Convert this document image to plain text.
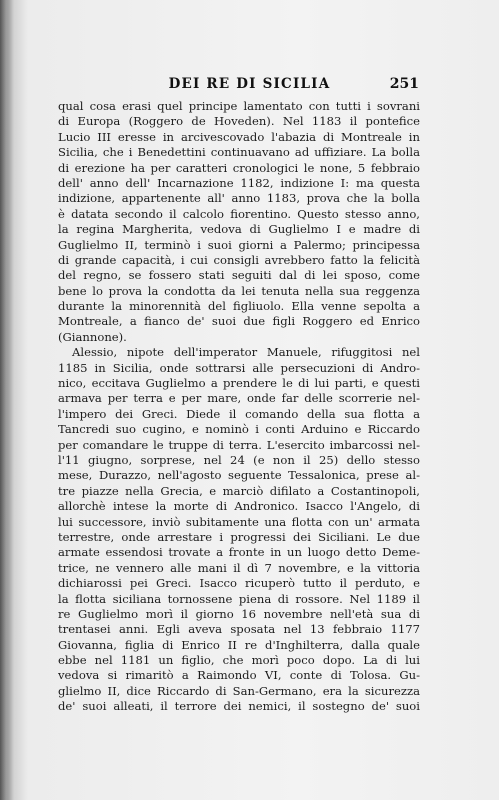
DEI RE DI SICILIA	251
qual cosa erasi quel principe lamentato con tutti i sovrani
di Europa (Roggero de Hoveden). Nel 1183 il pontefice
Lucio III eresse in arcivescovado l'abazia di Montreale in
Sicilia, che i Benedettini continuavano ad uffiziare. La bolla
di erezione ha per caratteri cronologici le none, 5 febbraio
dell' anno dell' Incarnazione 1182, indizione I: ma questa
indizione, appartenente all' anno 1183, prova che la bolla
è datata secondo il calcolo fiorentino. Questo stesso anno,
la regina Margherita, vedova di Guglielmo I e madre di
Guglielmo II, terminò i suoi giorni a Palermo; principessa
di grande capacità, i cui consigli avrebbero fatto la felicità
del regno, se fossero stati seguiti dal di lei sposo, come
bene lo prova la condotta da lei tenuta nella sua reggenza
durante la minorennità del figliuolo. Ella venne sepolta a
Montreale, a fianco de' suoi due figli Roggero ed Enrico
(Giannone).
Alessio, nipote dell'imperator Manuele, rifuggitosi nel
1185 in Sicilia, onde sottrarsi alle persecuzioni di Andro-
nico, eccitava Guglielmo a prendere le di lui parti, e questi
armava per terra e per mare, onde far delle scorrerie nel-
l'impero dei Greci. Diede il comando della sua flotta a
Tancredi suo cugino, e nominò i conti Arduino e Riccardo
per comandare le truppe di terra. L'esercito imbarcossi nel-
l'11 giugno, sorprese, nel 24 (e non il 25) dello stesso
mese, Durazzo, nell'agosto seguente Tessalonica, prese al-
tre piazze nella Grecia, e marciò difilato a Costantinopoli,
allorchè intese la morte di Andronico. Isacco l'Angelo, di
lui successore, inviò subitamente una flotta con un' armata
terrestre, onde arrestare i progressi dei Siciliani. Le due
armate essendosi trovate a fronte in un luogo detto Deme-
trice, ne vennero alle mani il dì 7 novembre, e la vittoria
dichiarossi pei Greci. Isacco ricuperò tutto il perduto, e
la flotta siciliana tornossene piena di rossore. Nel 1189 il
re Guglielmo morì il giorno 16 novembre nell'età sua di
trentasei anni. Egli aveva sposata nel 13 febbraio 1177
Giovanna, figlia di Enrico II re d'Inghilterra, dalla quale
ebbe nel 1181 un figlio, che morì poco dopo. La di lui
vedova si rimaritò a Raimondo VI, conte di Tolosa. Gu-
glielmo II, dice Riccardo di San-Germano, era la sicurezza
de' suoi alleati, il terrore dei nemici, il sostegno de' suoi
